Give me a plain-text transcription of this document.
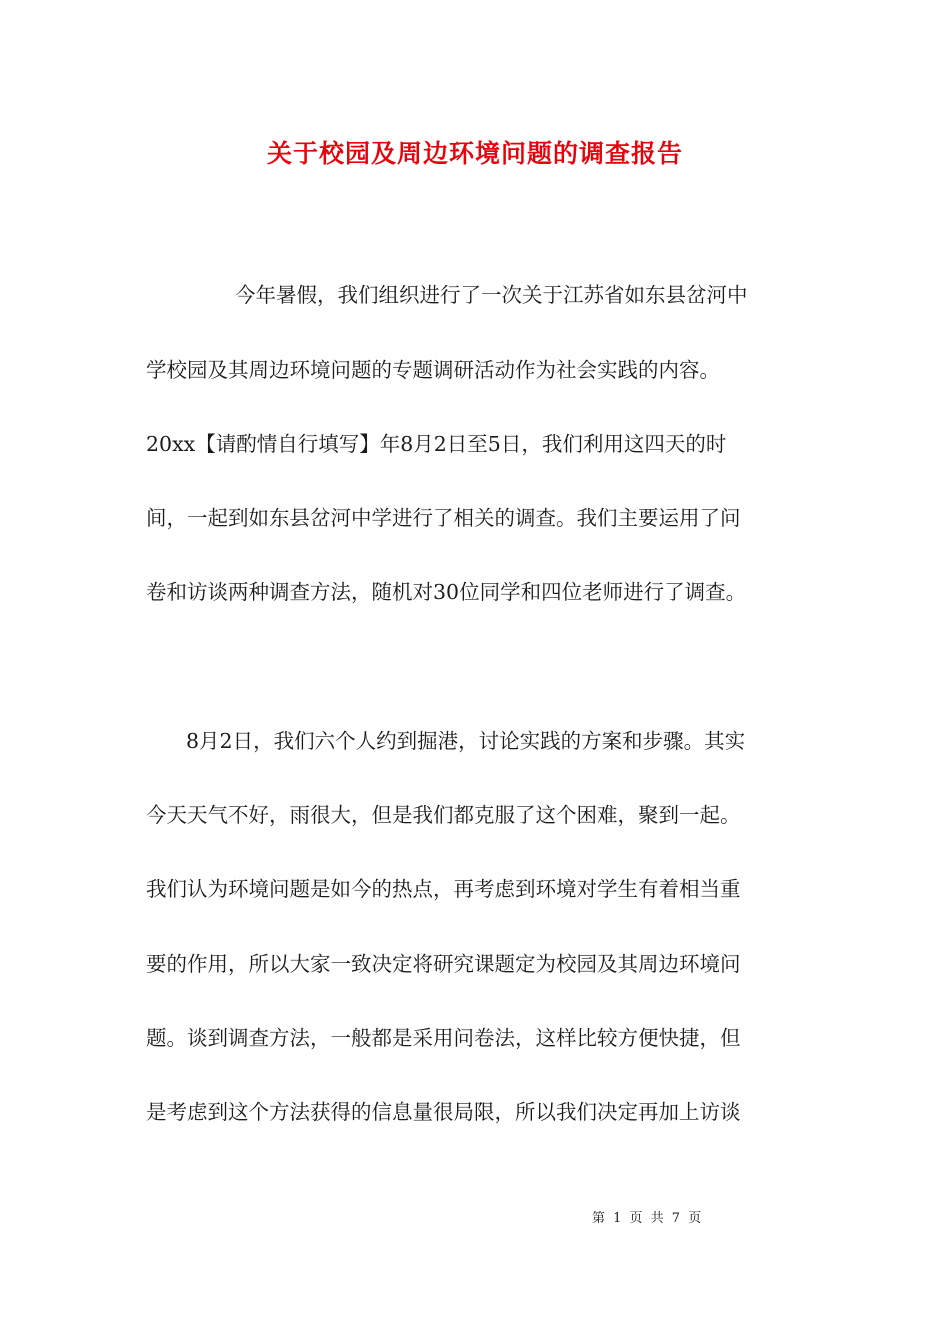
关于校园及周边环境问题的调查报告
今年暑假，我们组织进行了一次关于江苏省如东县岔河中
学校园及其周边环境问题的专题调研活动作为社会实践的内容。
20xx【请酌情自行填写】年8月2日至5日，我们利用这四天的时
间，一起到如东县岔河中学进行了相关的调查。我们主要运用了问
卷和访谈两种调查方法，随机对30位同学和四位老师进行了调查。
8月2日，我们六个人约到掘港，讨论实践的方案和步骤。其实
今天天气不好，雨很大，但是我们都克服了这个困难，聚到一起。
我们认为环境问题是如今的热点，再考虑到环境对学生有着相当重
要的作用，所以大家一致决定将研究课题定为校园及其周边环境问
题。谈到调查方法，一般都是采用问卷法，这样比较方便快捷，但
是考虑到这个方法获得的信息量很局限，所以我们决定再加上访谈
第 1 页 共 7 页
